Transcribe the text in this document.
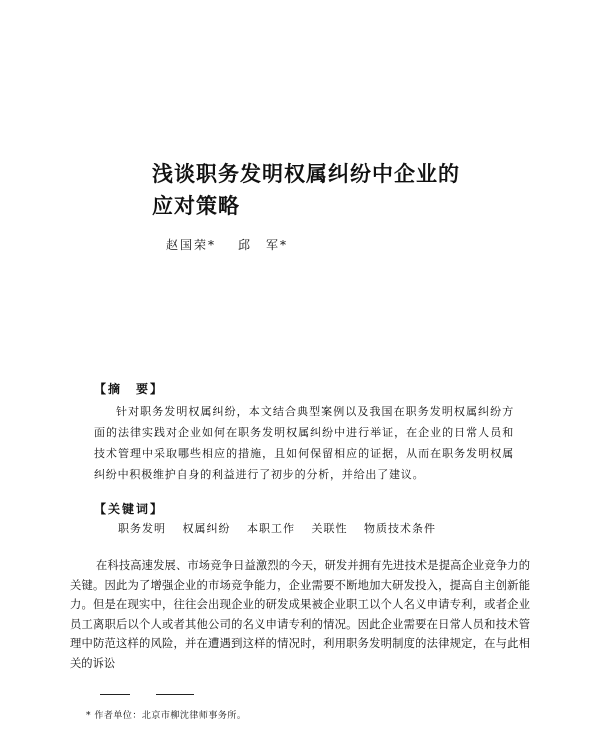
浅谈职务发明权属纠纷中企业的
应对策略
赵国荣* 邱　军*
【摘　要】
针对职务发明权属纠纷，本文结合典型案例以及我国在职务发明权属纠纷方面的法律实践对企业如何在职务发明权属纠纷中进行举证，在企业的日常人员和技术管理中采取哪些相应的措施，且如何保留相应的证据，从而在职务发明权属纠纷中积极维护自身的利益进行了初步的分析，并给出了建议。
【关键词】
职务发明 权属纠纷 本职工作 关联性 物质技术条件
在科技高速发展、市场竞争日益激烈的今天，研发并拥有先进技术是提高企业竞争力的关键。因此为了增强企业的市场竞争能力，企业需要不断地加大研发投入，提高自主创新能力。但是在现实中，往往会出现企业的研发成果被企业职工以个人名义申请专利，或者企业员工离职后以个人或者其他公司的名义申请专利的情况。因此企业需要在日常人员和技术管理中防范这样的风险，并在遭遇到这样的情况时，利用职务发明制度的法律规定，在与此相关的诉讼
* 作者单位：北京市柳沈律师事务所。
